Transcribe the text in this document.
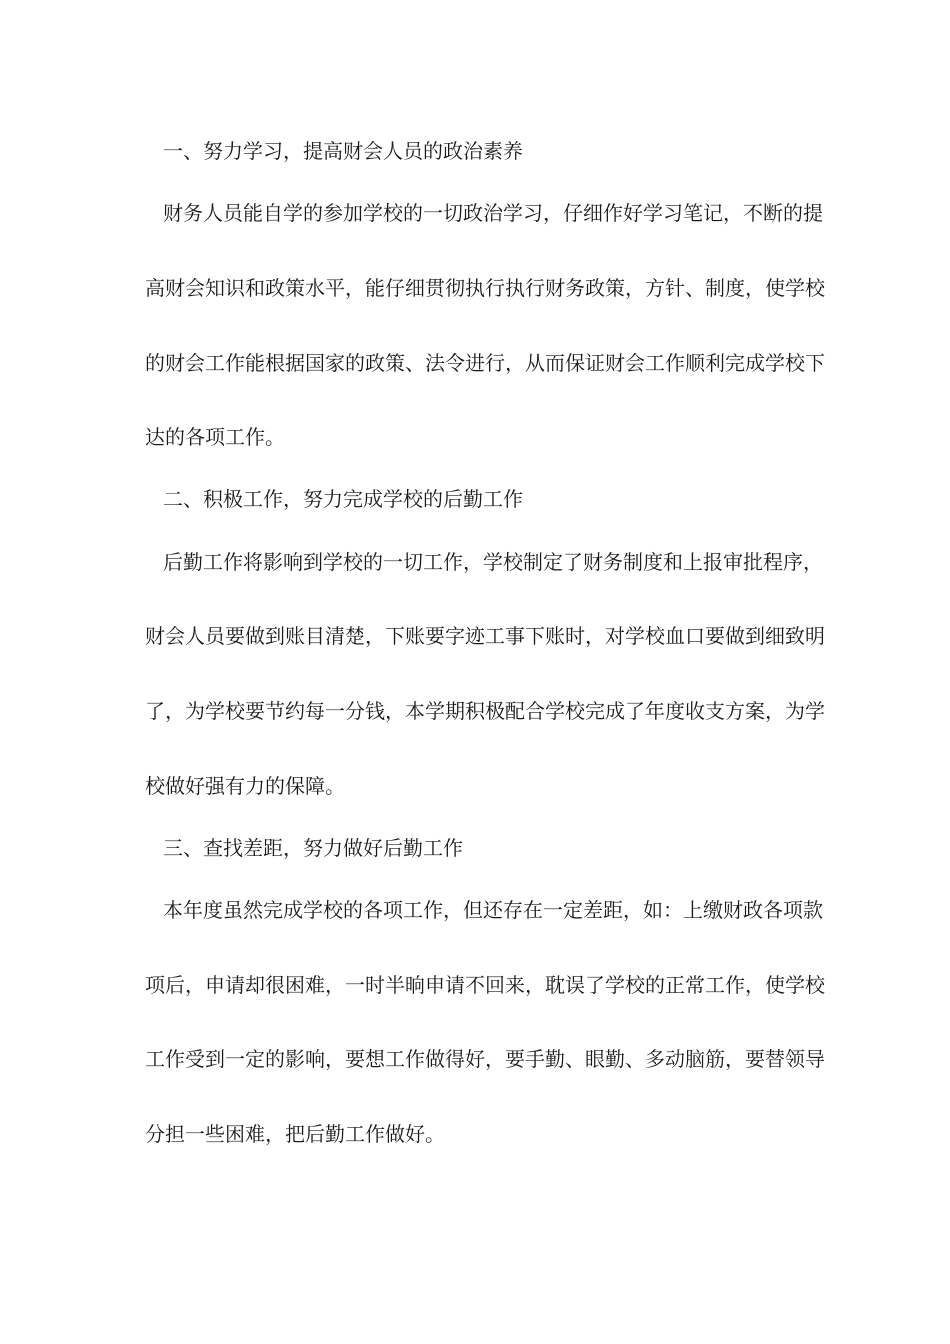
一、努力学习，提高财会人员的政治素养
财务人员能自学的参加学校的一切政治学习，仔细作好学习笔记，不断的提
高财会知识和政策水平，能仔细贯彻执行执行财务政策，方针、制度，使学校
的财会工作能根据国家的政策、法令进行，从而保证财会工作顺利完成学校下
达的各项工作。
二、积极工作，努力完成学校的后勤工作
后勤工作将影响到学校的一切工作，学校制定了财务制度和上报审批程序，
财会人员要做到账目清楚，下账要字迹工事下账时，对学校血口要做到细致明
了，为学校要节约每一分钱，本学期积极配合学校完成了年度收支方案，为学
校做好强有力的保障。
三、查找差距，努力做好后勤工作
本年度虽然完成学校的各项工作，但还存在一定差距，如：上缴财政各项款
项后，申请却很困难，一时半晌申请不回来，耽误了学校的正常工作，使学校
工作受到一定的影响，要想工作做得好，要手勤、眼勤、多动脑筋，要替领导
分担一些困难，把后勤工作做好。
